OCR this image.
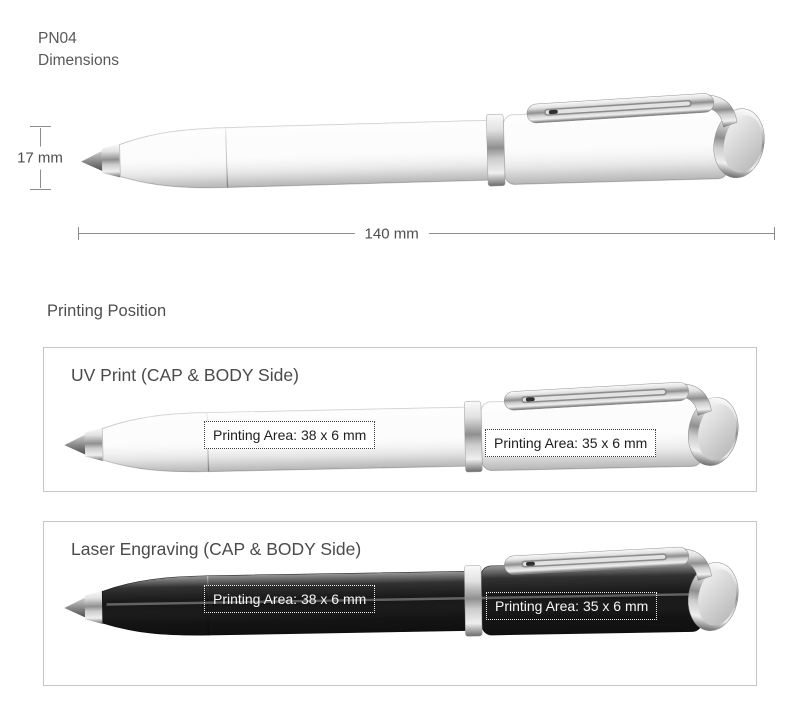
PN04
Dimensions
17 mm
140 mm
Printing Position
UV Print (CAP & BODY Side)
Printing Area: 38 x 6 mm	Printing Area: 35 x 6 mm
Laser Engraving (CAP & BODY Side)
Printing Area: 38 x 6 mm	Printing Area: 35 x 6 mm
